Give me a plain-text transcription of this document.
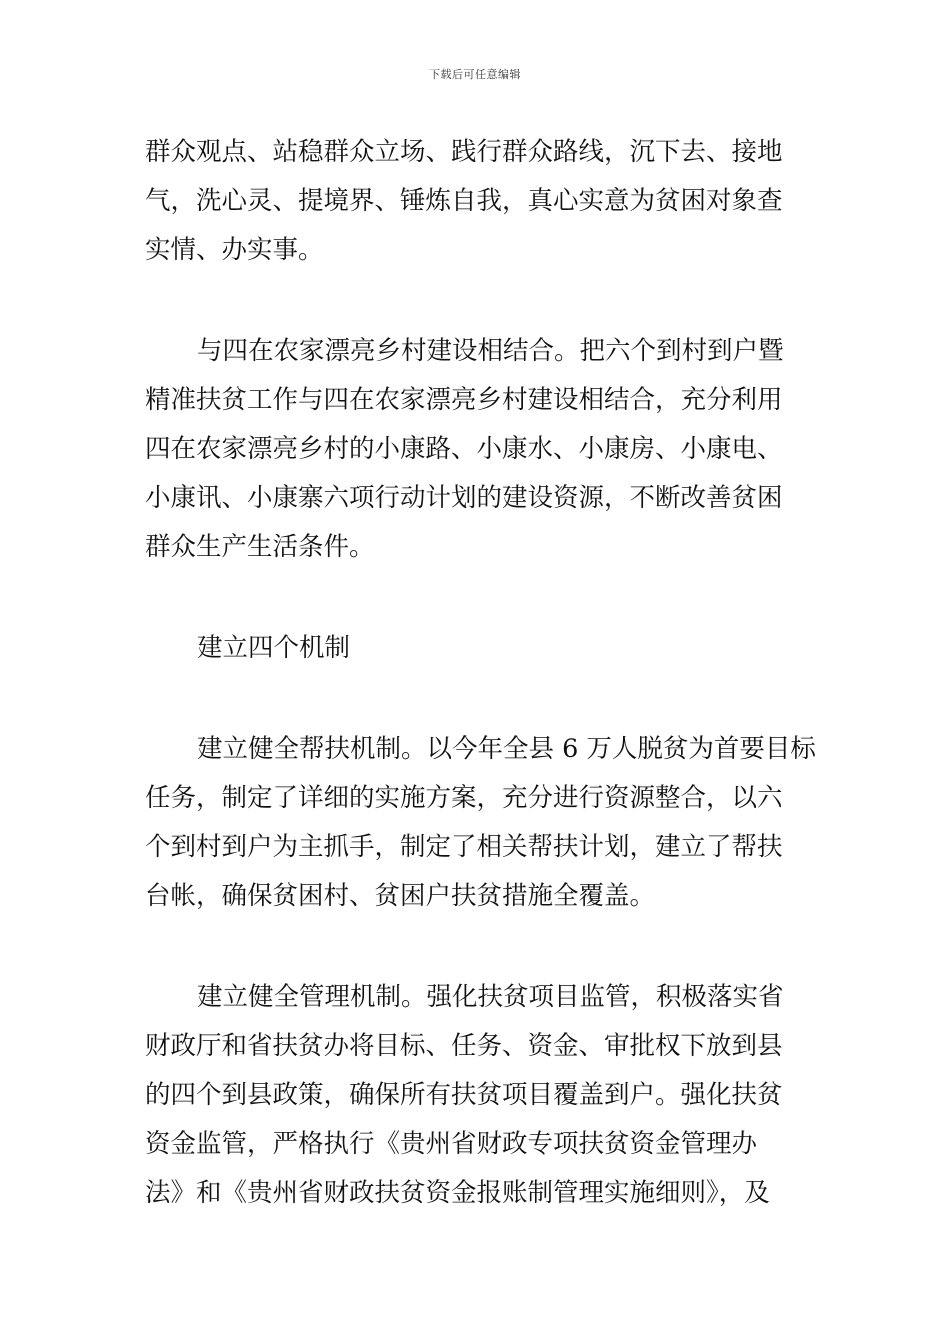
下载后可任意编辑
群众观点、站稳群众立场、践行群众路线，沉下去、接地
气，洗心灵、提境界、锤炼自我，真心实意为贫困对象查
实情、办实事。
与四在农家漂亮乡村建设相结合。把六个到村到户暨
精准扶贫工作与四在农家漂亮乡村建设相结合，充分利用
四在农家漂亮乡村的小康路、小康水、小康房、小康电、
小康讯、小康寨六项行动计划的建设资源，不断改善贫困
群众生产生活条件。
建立四个机制
建立健全帮扶机制。以今年全县 6 万人脱贫为首要目标
任务，制定了详细的实施方案，充分进行资源整合，以六
个到村到户为主抓手，制定了相关帮扶计划，建立了帮扶
台帐，确保贫困村、贫困户扶贫措施全覆盖。
建立健全管理机制。强化扶贫项目监管，积极落实省
财政厅和省扶贫办将目标、任务、资金、审批权下放到县
的四个到县政策，确保所有扶贫项目覆盖到户。强化扶贫
资金监管，严格执行《贵州省财政专项扶贫资金管理办
法》和《贵州省财政扶贫资金报账制管理实施细则》，及
